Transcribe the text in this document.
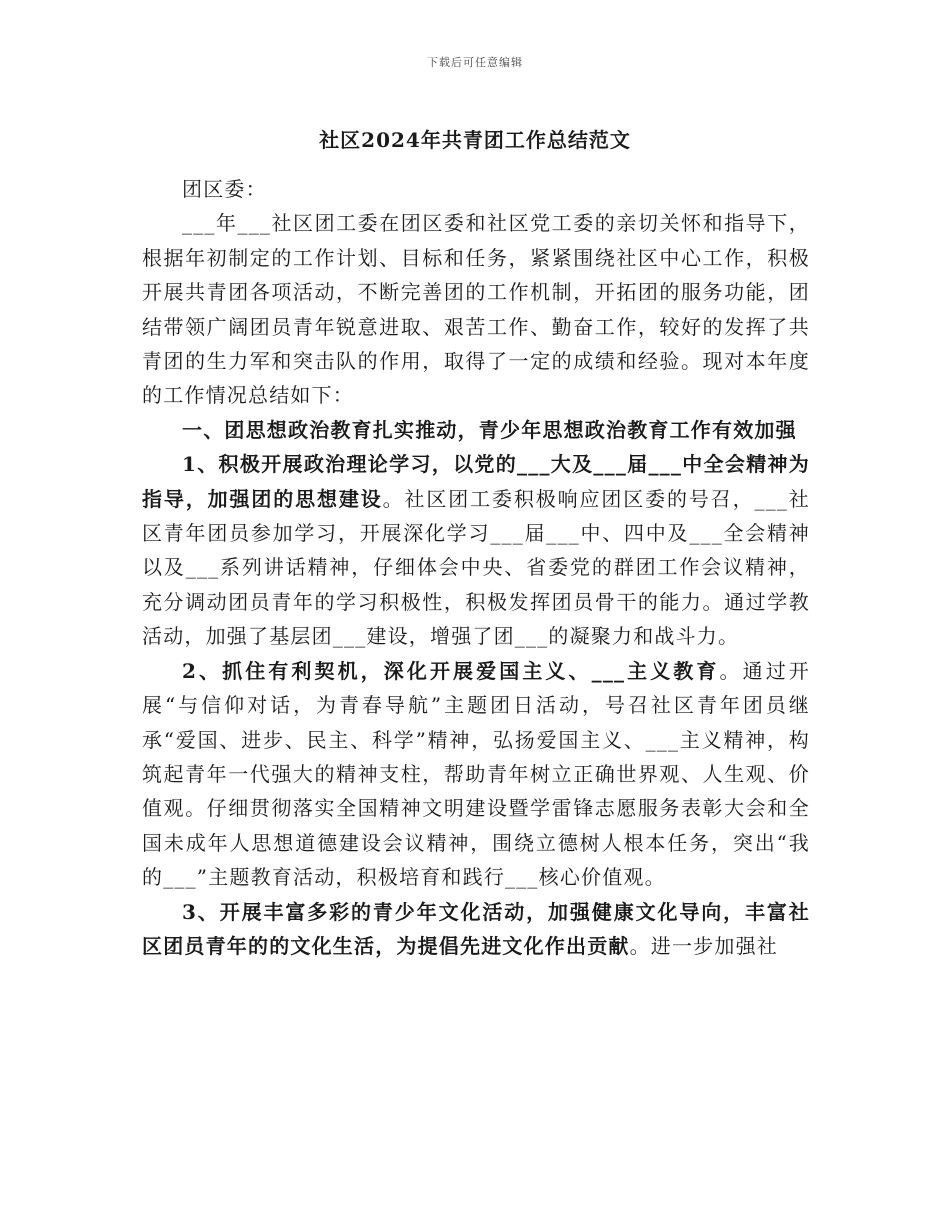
下载后可任意编辑
社区2024年共青团工作总结范文

团区委：

___年___社区团工委在团区委和社区党工委的亲切关怀和指导下，根据年初制定的工作计划、目标和任务，紧紧围绕社区中心工作，积极开展共青团各项活动，不断完善团的工作机制，开拓团的服务功能，团结带领广阔团员青年锐意进取、艰苦工作、勤奋工作，较好的发挥了共青团的生力军和突击队的作用，取得了一定的成绩和经验。现对本年度的工作情况总结如下：

一、团思想政治教育扎实推动，青少年思想政治教育工作有效加强

1、积极开展政治理论学习，以党的___大及___届___中全会精神为指导，加强团的思想建设。社区团工委积极响应团区委的号召，___社区青年团员参加学习，开展深化学习___届___中、四中及___全会精神以及___系列讲话精神，仔细体会中央、省委党的群团工作会议精神，充分调动团员青年的学习积极性，积极发挥团员骨干的能力。通过学教活动，加强了基层团___建设，增强了团___的凝聚力和战斗力。

2、抓住有利契机，深化开展爱国主义、___主义教育。通过开展“与信仰对话，为青春导航”主题团日活动，号召社区青年团员继承“爱国、进步、民主、科学”精神，弘扬爱国主义、___主义精神，构筑起青年一代强大的精神支柱，帮助青年树立正确世界观、人生观、价值观。仔细贯彻落实全国精神文明建设暨学雷锋志愿服务表彰大会和全国未成年人思想道德建设会议精神，围绕立德树人根本任务，突出“我的___”主题教育活动，积极培育和践行___核心价值观。

3、开展丰富多彩的青少年文化活动，加强健康文化导向，丰富社区团员青年的的文化生活，为提倡先进文化作出贡献。进一步加强社
